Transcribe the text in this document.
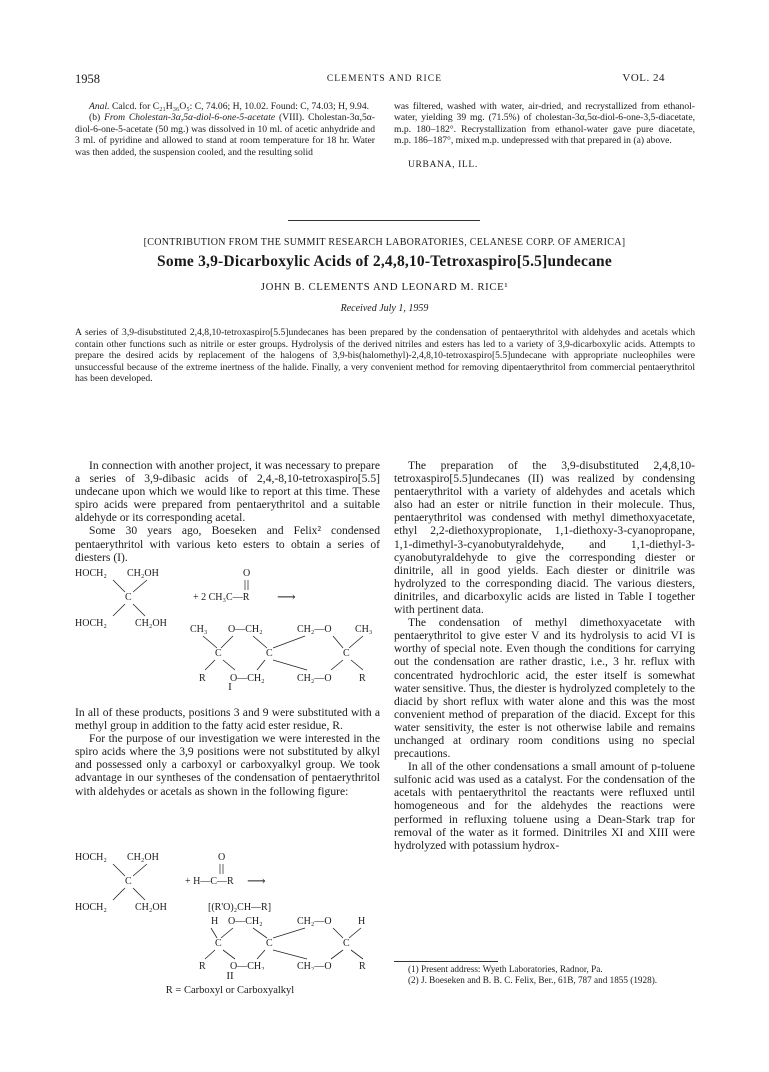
1958	CLEMENTS AND RICE	VOL. 24
Anal. Calcd. for C₂₁H₃₆O₅: C, 74.06; H, 10.02. Found: C, 74.03; H, 9.94.
(b) From Cholestan-3α,5α-diol-6-one-5-acetate (VIII). Cholestan-3α,5α-diol-6-one-5-acetate (50 mg.) was dissolved in 10 ml. of acetic anhydride and 3 ml. of pyridine and allowed to stand at room temperature for 18 hr. Water was then added, the suspension cooled, and the resulting solid
was filtered, washed with water, air-dried, and recrystallized from ethanol-water, yielding 39 mg. (71.5%) of cholestan-3α,5α-diol-6-one-3,5-diacetate, m.p. 180–182°. Recrystallization from ethanol-water gave pure diacetate, m.p. 186–187°, mixed m.p. undepressed with that prepared in (a) above.
URBANA, ILL.
[CONTRIBUTION FROM THE SUMMIT RESEARCH LABORATORIES, CELANESE CORP. OF AMERICA]
Some 3,9-Dicarboxylic Acids of 2,4,8,10-Tetroxaspiro[5.5]undecane
JOHN B. CLEMENTS AND LEONARD M. RICE¹
Received July 1, 1959
A series of 3,9-disubstituted 2,4,8,10-tetroxaspiro[5.5]undecanes has been prepared by the condensation of pentaerythritol with aldehydes and acetals which contain other functions such as nitrile or ester groups. Hydrolysis of the derived nitriles and esters has led to a variety of 3,9-dicarboxylic acids. Attempts to prepare the desired acids by replacement of the halogens of 3,9-bis(halomethyl)-2,4,8,10-tetroxaspiro[5.5]undecane with appropriate nucleophiles were unsuccessful because of the extreme inertness of the halide. Finally, a very convenient method for removing dipentaerythritol from commercial pentaerythritol has been developed.

In connection with another project, it was necessary to prepare a series of 3,9-dibasic acids of 2,4,-8,10-tetroxaspiro[5.5] undecane upon which we would like to report at this time. These spiro acids were prepared from pentaerythritol and a suitable aldehyde or its corresponding acetal.

Some 30 years ago, Boeseken and Felix² condensed pentaerythritol with various keto esters to obtain a series of diesters (I).

HOCH₂ CH₂OH
C
HOCH₂	CH₂OH
O
+ 2 CH₃C—R ⟶
CH₃ O—CH₂	CH₂—O CH₃
C	C	C
R O—CH₂	CH₂—O	R
I

In all of these products, positions 3 and 9 were substituted with a methyl group in addition to the fatty acid ester residue, R.

For the purpose of our investigation we were interested in the spiro acids where the 3,9 positions were not substituted by alkyl and possessed only a carboxyl or carboxyalkyl group. We took advantage in our syntheses of the condensation of pentaerythritol with aldehydes or acetals as shown in the following figure:

HOCH₂ CH₂OH
C
HOCH₂	CH₂OH
O
+ H—C—R ⟶
[(R'O)₂CH—R]
H O—CH₂	CH₂—O	H
C	C	C
R O—CH₂	CH₂—O	R
II
R = Carboxyl or Carboxyalkyl

The preparation of the 3,9-disubstituted 2,4,8,10-tetroxaspiro[5.5]undecanes (II) was realized by condensing pentaerythritol with a variety of aldehydes and acetals which also had an ester or nitrile function in their molecule. Thus, pentaerythritol was condensed with methyl dimethoxyacetate, ethyl 2,2-diethoxypropionate, 1,1-diethoxy-3-cyanopropane, 1,1-dimethyl-3-cyanobutyraldehyde, and 1,1-diethyl-3-cyanobutyraldehyde to give the corresponding diester or dinitrile, all in good yields. Each diester or dinitrile was hydrolyzed to the corresponding diacid. The various diesters, dinitriles, and dicarboxylic acids are listed in Table I together with pertinent data.

The condensation of methyl dimethoxyacetate with pentaerythritol to give ester V and its hydrolysis to acid VI is worthy of special note. Even though the conditions for carrying out the condensation are rather drastic, i.e., 3 hr. reflux with concentrated hydrochloric acid, the ester itself is somewhat water sensitive. Thus, the diester is hydrolyzed completely to the diacid by short reflux with water alone and this was the most convenient method of preparation of the diacid. Except for this water sensitivity, the ester is not otherwise labile and remains unchanged at ordinary room conditions using no special precautions.

In all of the other condensations a small amount of p-toluene sulfonic acid was used as a catalyst. For the condensation of the acetals with pentaerythritol the reactants were refluxed until homogeneous and for the aldehydes the reactions were performed in refluxing toluene using a Dean-Stark trap for removal of the water as it formed. Dinitriles XI and XIII were hydrolyzed with potassium hydrox-

(1) Present address: Wyeth Laboratories, Radnor, Pa.
(2) J. Boeseken and B. B. C. Felix, Ber., 61B, 787 and 1855 (1928).
